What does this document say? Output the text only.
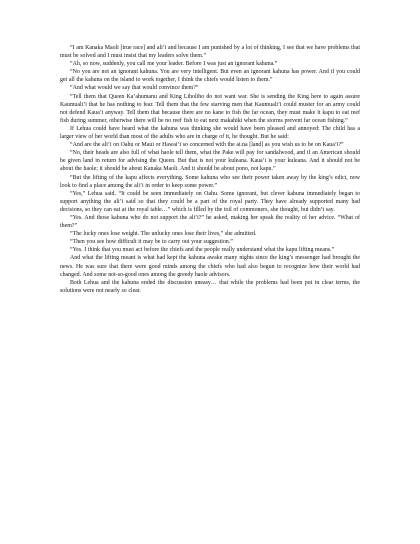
“I am Kanaka Maoli [true race] and ali’i and because I am punished by a lot of thinking, I see that we have problems that must be solved and I must insist that my leaders solve them.”

“Ah, so now, suddenly, you call me your leader. Before I was just an ignorant kahuna.”

“No you are not an ignorant kahuna. You are very intelligent. But even an ignorant kahuna has power. And if you could get all the kahuna on the island to work together, I think the chiefs would listen to them.”

“And what would we say that would convince them?”

“Tell them that Queen Ka’ahumanu and King Liholiho do not want war. She is sending the King here to again assure Kaumuali’i that he has nothing to fear. Tell them that the few starving men that Kaumuali’i could muster for an army could not defend Kaua’i anyway. Tell them that because there are no kane to fish the far ocean, they must make it kapu to eat reef fish during summer, otherwise there will be no reef fish to eat next makahiki when the storms prevent far ocean fishing.”

If Lehua could have heard what the kahuna was thinking she would have been pleased and annoyed: The child has a larger view of her world than most of the adults who are in charge of it, he thought. But he said:

“And are the ali’i on Oahu or Maui or Hawai’i so concerned with the ai.na [land] as you wish us to be on Kaua’i?”

“No, their heads are also full of what haole tell them, what the Pake will pay for sandalwood, and if an American should be given land in return for advising the Queen. But that is not your kuleana. Kaua’i is your kuleana. And it should not be about the haole; it should be about Kanaka Maoli. And it should be about pono, not kapu.”

“But the lifting of the kapu affects everything. Some kahuna who see their power taken away by the king’s edict, now look to find a place among the ali’i in order to keep some power.”

“Yes,” Lehua said. “It could be seen immediately on Oahu. Some ignorant, but clever kahuna immediately began to support anything the ali’i said so that they could be a part of the royal party. They have already supported many bad decisions, so they can eat at the royal table…” which is filled by the toil of commoners, she thought, but didn’t say.

“Yes. And those kahuna who do not support the ali’i?” he asked, making her speak the reality of her advice. “What of them?”

“The lucky ones lose weight. The unlucky ones lose their lives,” she admitted.

“Then you see how difficult it may be to carry out your suggestion.”

“Yes. I think that you must act before the chiefs and the people really understand what the kapu lifting means.”

And what the lifting meant is what had kept the kahuna awake many nights since the king’s messenger had brought the news. He was sure that there were good minds among the chiefs who had also begun to recognize how their world had changed. And some not-so-good ones among the greedy haole advisors.

Both Lehua and the kahuna ended the discussion uneasy… that while the problems had been put in clear terms, the solutions were not nearly so clear.
